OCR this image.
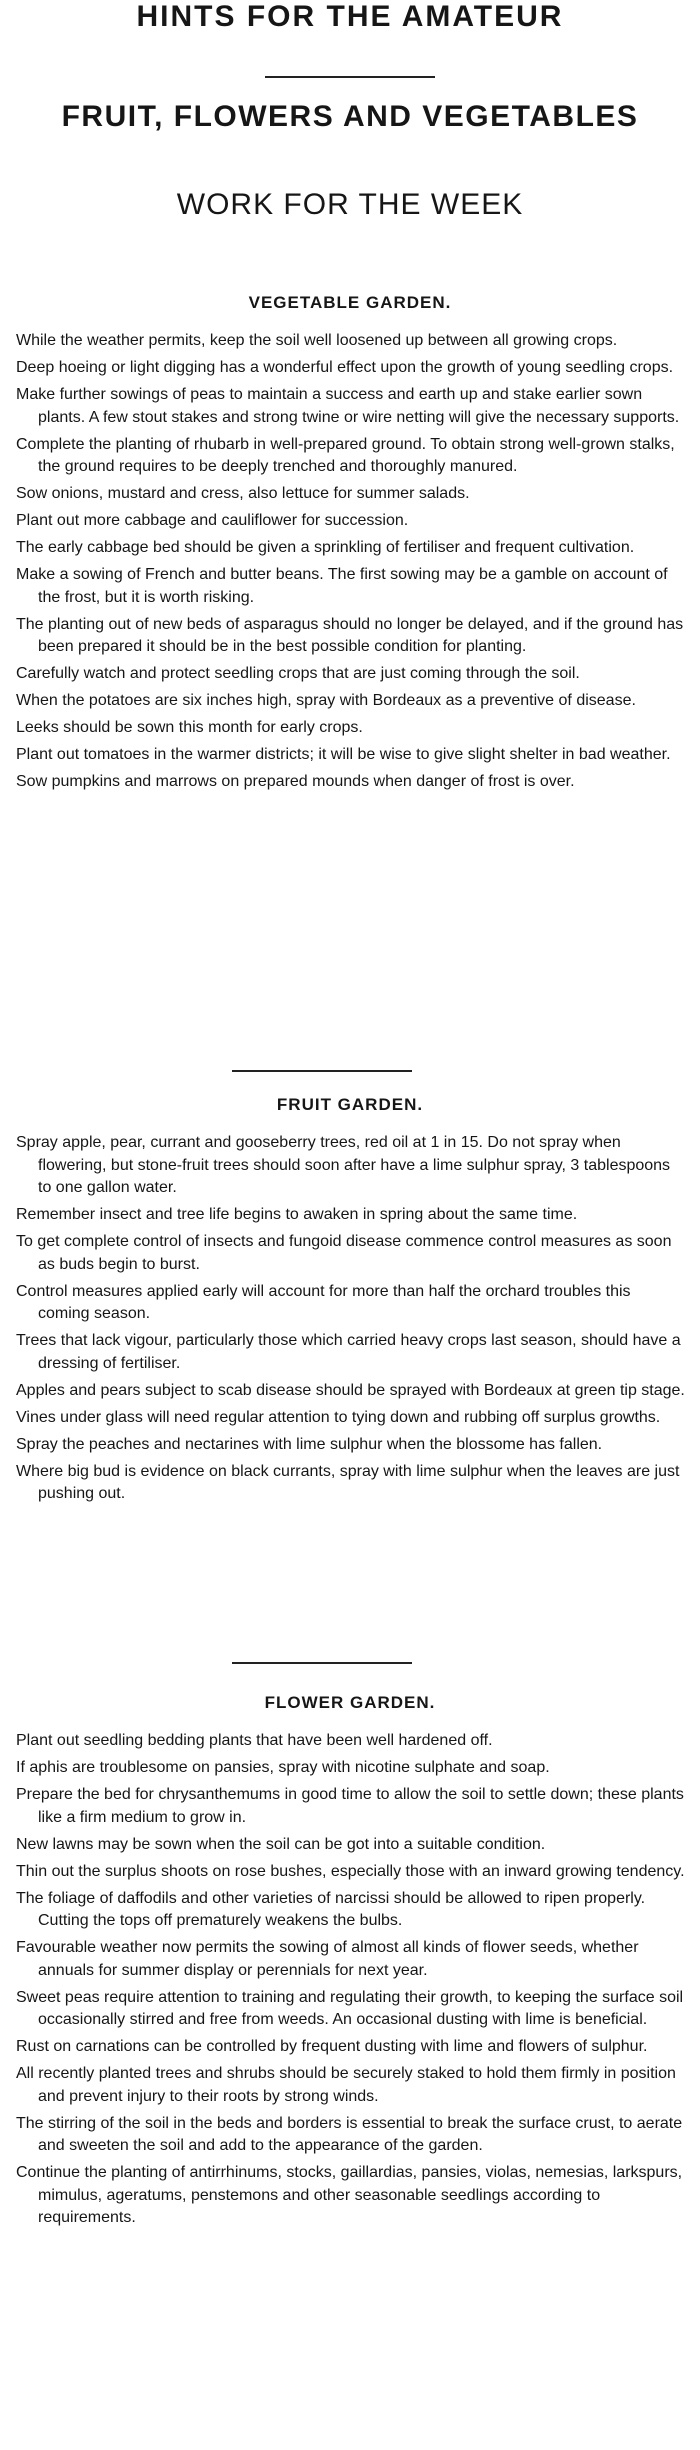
HINTS FOR THE AMATEUR
FRUIT, FLOWERS AND VEGETABLES
WORK FOR THE WEEK
VEGETABLE GARDEN.
While the weather permits, keep the soil well loosened up between all growing crops.
Deep hoeing or light digging has a wonderful effect upon the growth of young seedling crops.
Make further sowings of peas to maintain a success and earth up and stake earlier sown plants. A few stout stakes and strong twine or wire netting will give the necessary supports.
Complete the planting of rhubarb in well-prepared ground. To obtain strong well-grown stalks, the ground requires to be deeply trenched and thoroughly manured.
Sow onions, mustard and cress, also lettuce for summer salads.
Plant out more cabbage and cauliflower for succession.
The early cabbage bed should be given a sprinkling of fertiliser and frequent cultivation.
Make a sowing of French and butter beans. The first sowing may be a gamble on account of the frost, but it is worth risking.
The planting out of new beds of asparagus should no longer be delayed, and if the ground has been prepared it should be in the best possible condition for planting.
Carefully watch and protect seedling crops that are just coming through the soil.
When the potatoes are six inches high, spray with Bordeaux as a preventive of disease.
Leeks should be sown this month for early crops.
Plant out tomatoes in the warmer districts; it will be wise to give slight shelter in bad weather.
Sow pumpkins and marrows on prepared mounds when danger of frost is over.
FRUIT GARDEN.
Spray apple, pear, currant and gooseberry trees, red oil at 1 in 15. Do not spray when flowering, but stone-fruit trees should soon after have a lime sulphur spray, 3 tablespoons to one gallon water.
Remember insect and tree life begins to awaken in spring about the same time.
To get complete control of insects and fungoid disease commence control measures as soon as buds begin to burst.
Control measures applied early will account for more than half the orchard troubles this coming season.
Trees that lack vigour, particularly those which carried heavy crops last season, should have a dressing of fertiliser.
Apples and pears subject to scab disease should be sprayed with Bordeaux at green tip stage.
Vines under glass will need regular attention to tying down and rubbing off surplus growths.
Spray the peaches and nectarines with lime sulphur when the blossome has fallen.
Where big bud is evidence on black currants, spray with lime sulphur when the leaves are just pushing out.
FLOWER GARDEN.
Plant out seedling bedding plants that have been well hardened off.
If aphis are troublesome on pansies, spray with nicotine sulphate and soap.
Prepare the bed for chrysanthemums in good time to allow the soil to settle down; these plants like a firm medium to grow in.
New lawns may be sown when the soil can be got into a suitable condition.
Thin out the surplus shoots on rose bushes, especially those with an inward growing tendency.
The foliage of daffodils and other varieties of narcissi should be allowed to ripen properly. Cutting the tops off prematurely weakens the bulbs.
Favourable weather now permits the sowing of almost all kinds of flower seeds, whether annuals for summer display or perennials for next year.
Sweet peas require attention to training and regulating their growth, to keeping the surface soil occasionally stirred and free from weeds. An occasional dusting with lime is beneficial.
Rust on carnations can be controlled by frequent dusting with lime and flowers of sulphur.
All recently planted trees and shrubs should be securely staked to hold them firmly in position and prevent injury to their roots by strong winds.
The stirring of the soil in the beds and borders is essential to break the surface crust, to aerate and sweeten the soil and add to the appearance of the garden.
Continue the planting of antirrhinums, stocks, gaillardias, pansies, violas, nemesias, larkspurs, mimulus, ageratums, penstemons and other seasonable seedlings according to requirements.
